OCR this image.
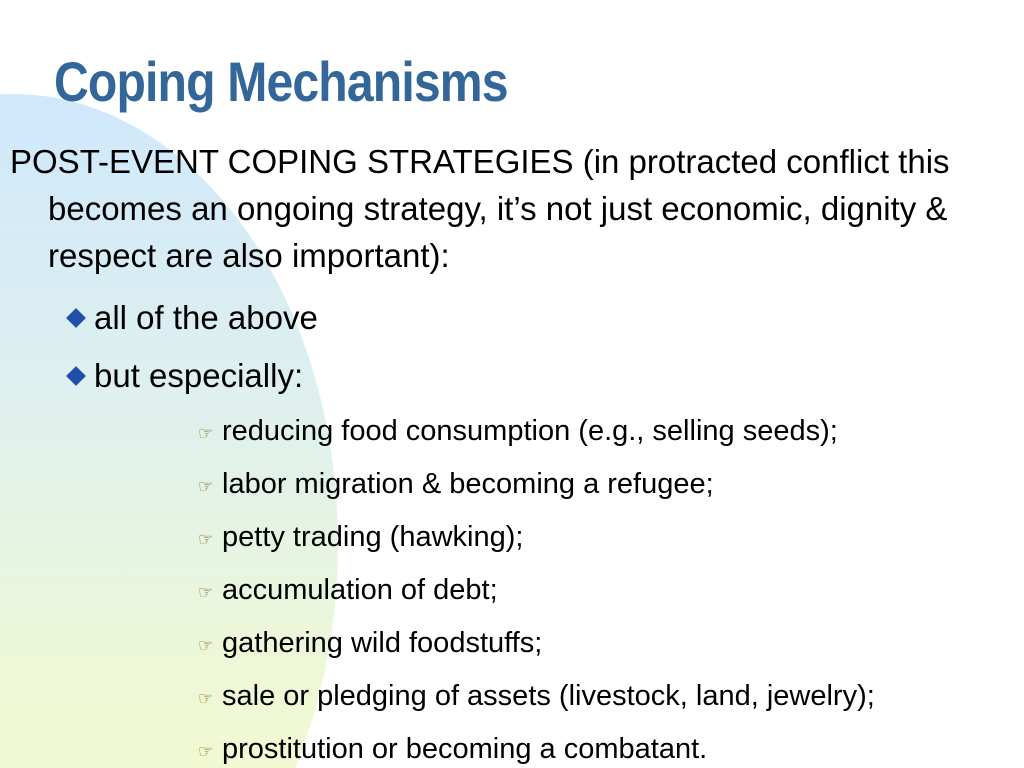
Coping Mechanisms

POST-EVENT COPING STRATEGIES (in protracted conflict this becomes an ongoing strategy, it’s not just economic, dignity & respect are also important):

all of the above
but especially:
☞ reducing food consumption (e.g., selling seeds);
☞ labor migration & becoming a refugee;
☞ petty trading (hawking);
☞ accumulation of debt;
☞ gathering wild foodstuffs;
☞ sale or pledging of assets (livestock, land, jewelry);
☞ prostitution or becoming a combatant.
